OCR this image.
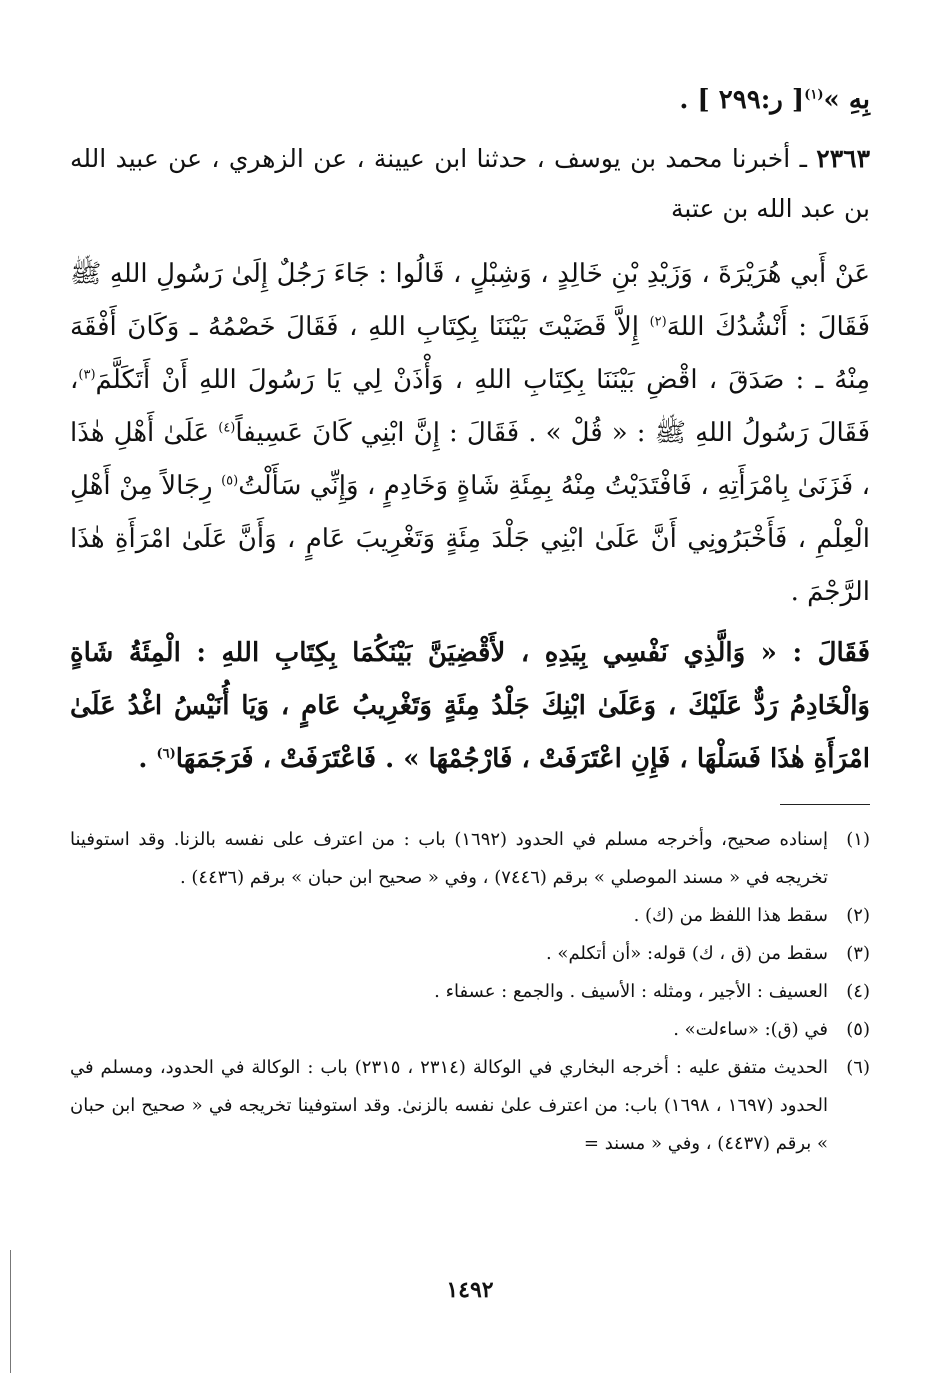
بِهِ »$^{(١)}$[ ر:٢٩٩ ] .
٢٣٦٣ ـ أخبرنا محمد بن يوسف ، حدثنا ابن عيينة ، عن الزهري ، عن عبيد الله بن عبد الله بن عتبة
عَنْ أَبي هُرَيْرَةَ ، وَزَيْدِ بْنِ خَالِدٍ ، وَشِبْلٍ ، قَالُوا : جَاءَ رَجُلٌ إِلَىٰ رَسُولِ اللهِ ﷺ فَقَالَ : أَنْشُدُكَ اللهَ$^{(٢)}$ إِلاَّ قَضَيْتَ بَيْنَنَا بِكِتَابِ اللهِ ، فَقَالَ خَصْمُهُ ـ وَكَانَ أَفْقَهَ مِنْهُ ـ : صَدَقَ ، اقْضِ بَيْنَنَا بِكِتَابِ اللهِ ، وَأْذَنْ لِي يَا رَسُولَ اللهِ أَنْ أَتَكَلَّمَ$^{(٣)}$، فَقَالَ رَسُولُ اللهِ ﷺ : « قُلْ » . فَقَالَ : إِنَّ ابْنِي كَانَ عَسِيفاً$^{(٤)}$ عَلَىٰ أَهْلِ هٰذَا ، فَزَنَىٰ بِامْرَأَتِهِ ، فَافْتَدَيْتُ مِنْهُ بِمِئَةِ شَاةٍ وَخَادِمٍ ، وَإِنِّي سَأَلْتُ$^{(٥)}$ رِجَالاً مِنْ أَهْلِ الْعِلْمِ ، فَأَخْبَرُونِي أَنَّ عَلَىٰ ابْنِي جَلْدَ مِئَةٍ وَتَغْرِيبَ عَامٍ ، وَأَنَّ عَلَىٰ امْرَأَةِ هٰذَا الرَّجْمَ .
فَقَالَ : « وَالَّذِي نَفْسِي بِيَدِهِ ، لأَقْضِيَنَّ بَيْنَكُمَا بِكِتَابِ اللهِ : الْمِئَةُ شَاةٍ وَالْخَادِمُ رَدٌّ عَلَيْكَ ، وَعَلَىٰ ابْنِكَ جَلْدُ مِئَةٍ وَتَغْرِيبُ عَامٍ ، وَيَا أُنَيْسُ اغْدُ عَلَىٰ امْرَأَةِ هٰذَا فَسَلْهَا ، فَإِنِ اعْتَرَفَتْ ، فَارْجُمْهَا » . فَاعْتَرَفَتْ ، فَرَجَمَهَا$^{(٦)}$ .
(١)
إسناده صحيح، وأخرجه مسلم في الحدود (١٦٩٢) باب : من اعترف على نفسه بالزنا. وقد استوفينا تخريجه في « مسند الموصلي » برقم (٧٤٤٦) ، وفي « صحيح ابن حبان » برقم (٤٤٣٦) .
(٢)
سقط هذا اللفظ من (ك) .
(٣)
سقط من (ق ، ك) قوله: «أن أتكلم» .
(٤)
العسيف : الأجير ، ومثله : الأسيف . والجمع : عسفاء .
(٥)
في (ق): «ساءلت» .
(٦)
الحديث متفق عليه : أخرجه البخاري في الوكالة (٢٣١٤ ، ٢٣١٥) باب : الوكالة في الحدود، ومسلم في الحدود (١٦٩٧ ، ١٦٩٨) باب: من اعترف علىٰ نفسه بالزنىٰ. وقد استوفينا تخريجه في « صحيح ابن حبان » برقم (٤٤٣٧) ، وفي « مسند =
١٤٩٢
